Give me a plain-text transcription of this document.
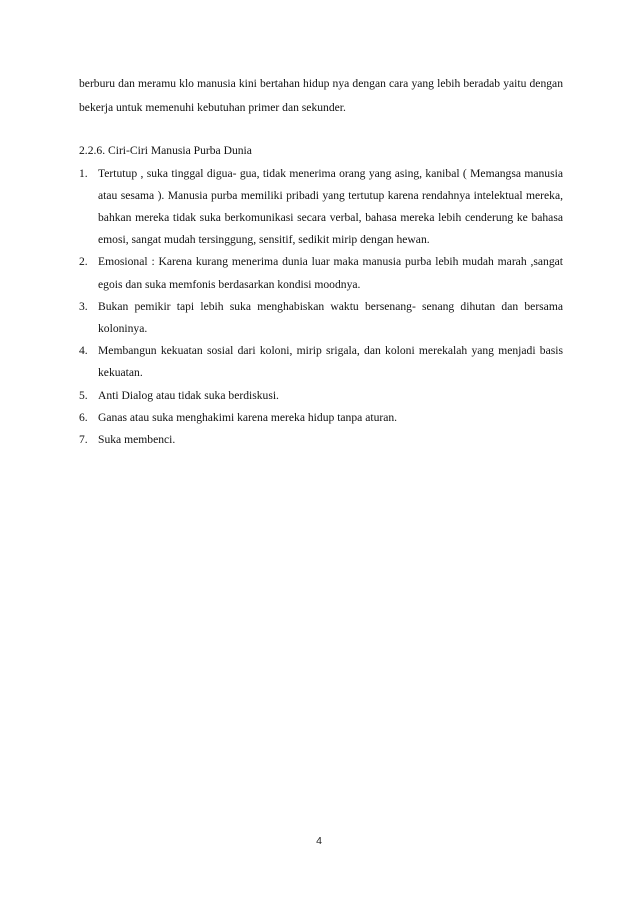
berburu dan meramu klo manusia kini bertahan hidup nya dengan cara yang lebih beradab yaitu dengan bekerja untuk memenuhi kebutuhan primer dan sekunder.

2.2.6. Ciri-Ciri Manusia Purba Dunia

1. Tertutup , suka tinggal digua- gua, tidak menerima orang yang asing, kanibal ( Memangsa manusia atau sesama ). Manusia purba memiliki pribadi yang tertutup karena rendahnya intelektual mereka, bahkan mereka tidak suka berkomunikasi secara verbal, bahasa mereka lebih cenderung ke bahasa emosi, sangat mudah tersinggung, sensitif, sedikit mirip dengan hewan.
2. Emosional : Karena kurang menerima dunia luar maka manusia purba lebih mudah marah ,sangat egois dan suka memfonis berdasarkan kondisi moodnya.
3. Bukan pemikir tapi lebih suka menghabiskan waktu bersenang- senang dihutan dan bersama koloninya.
4. Membangun kekuatan sosial dari koloni, mirip srigala, dan koloni merekalah yang menjadi basis kekuatan.
5. Anti Dialog atau tidak suka berdiskusi.
6. Ganas atau suka menghakimi karena mereka hidup tanpa aturan.
7. Suka membenci.
4
